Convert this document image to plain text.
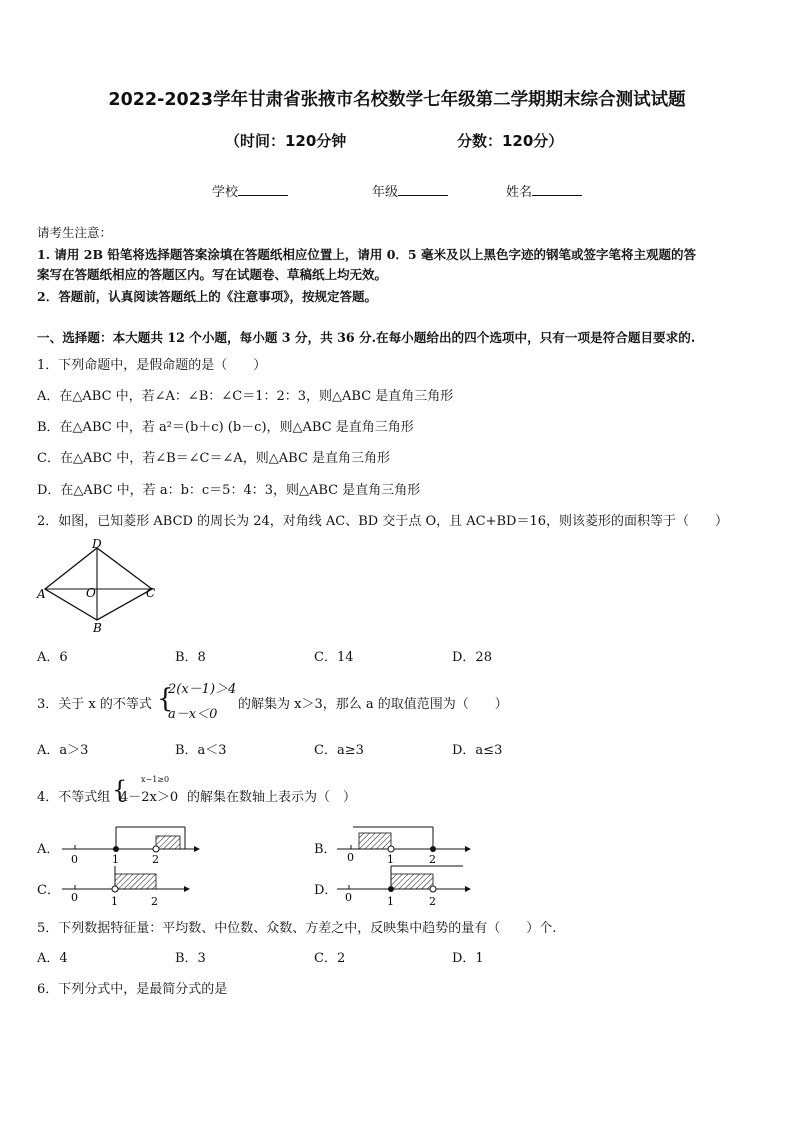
2022-2023学年甘肃省张掖市名校数学七年级第二学期期末综合测试试题
（时间：120分钟	分数：120分）
学校	年级	姓名
请考生注意：
1. 请用 2B 铅笔将选择题答案涂填在答题纸相应位置上，请用 0．5 毫米及以上黑色字迹的钢笔或签字笔将主观题的答
案写在答题纸相应的答题区内。写在试题卷、草稿纸上均无效。
2．答题前，认真阅读答题纸上的《注意事项》，按规定答题。
一、选择题：本大题共 12 个小题，每小题 3 分，共 36 分.在每小题给出的四个选项中，只有一项是符合题目要求的.
1．下列命题中，是假命题的是（　　）
A．在△ABC 中，若∠A：∠B：∠C＝1：2：3，则△ABC 是直角三角形
B．在△ABC 中，若 a²＝(b＋c) (b－c)，则△ABC 是直角三角形
C．在△ABC 中，若∠B＝∠C＝∠A，则△ABC 是直角三角形
D．在△ABC 中，若 a：b：c＝5：4：3，则△ABC 是直角三角形
2．如图，已知菱形 ABCD 的周长为 24，对角线 AC、BD 交于点 O，且 AC+BD＝16，则该菱形的面积等于（　　）
D
A	O	C
B
A．6	B．8	C．14	D．28
3．关于 x 的不等式 {
2(x－1)＞4
a－x＜0
的解集为 x＞3，那么 a 的取值范围为（　　）
A．a＞3	B．a＜3	C．a≥3	D．a≤3
4．不等式组 { x−1≥0
4－2x＞0 的解集在数轴上表示为（　）
A．
0	1	2
B．
0	1	2
C． 0	1	2
D． 0	1	2
5．下列数据特征量：平均数、中位数、众数、方差之中，反映集中趋势的量有（　　）个.
A．4	B．3	C．2	D．1
6．下列分式中，是最简分式的是
